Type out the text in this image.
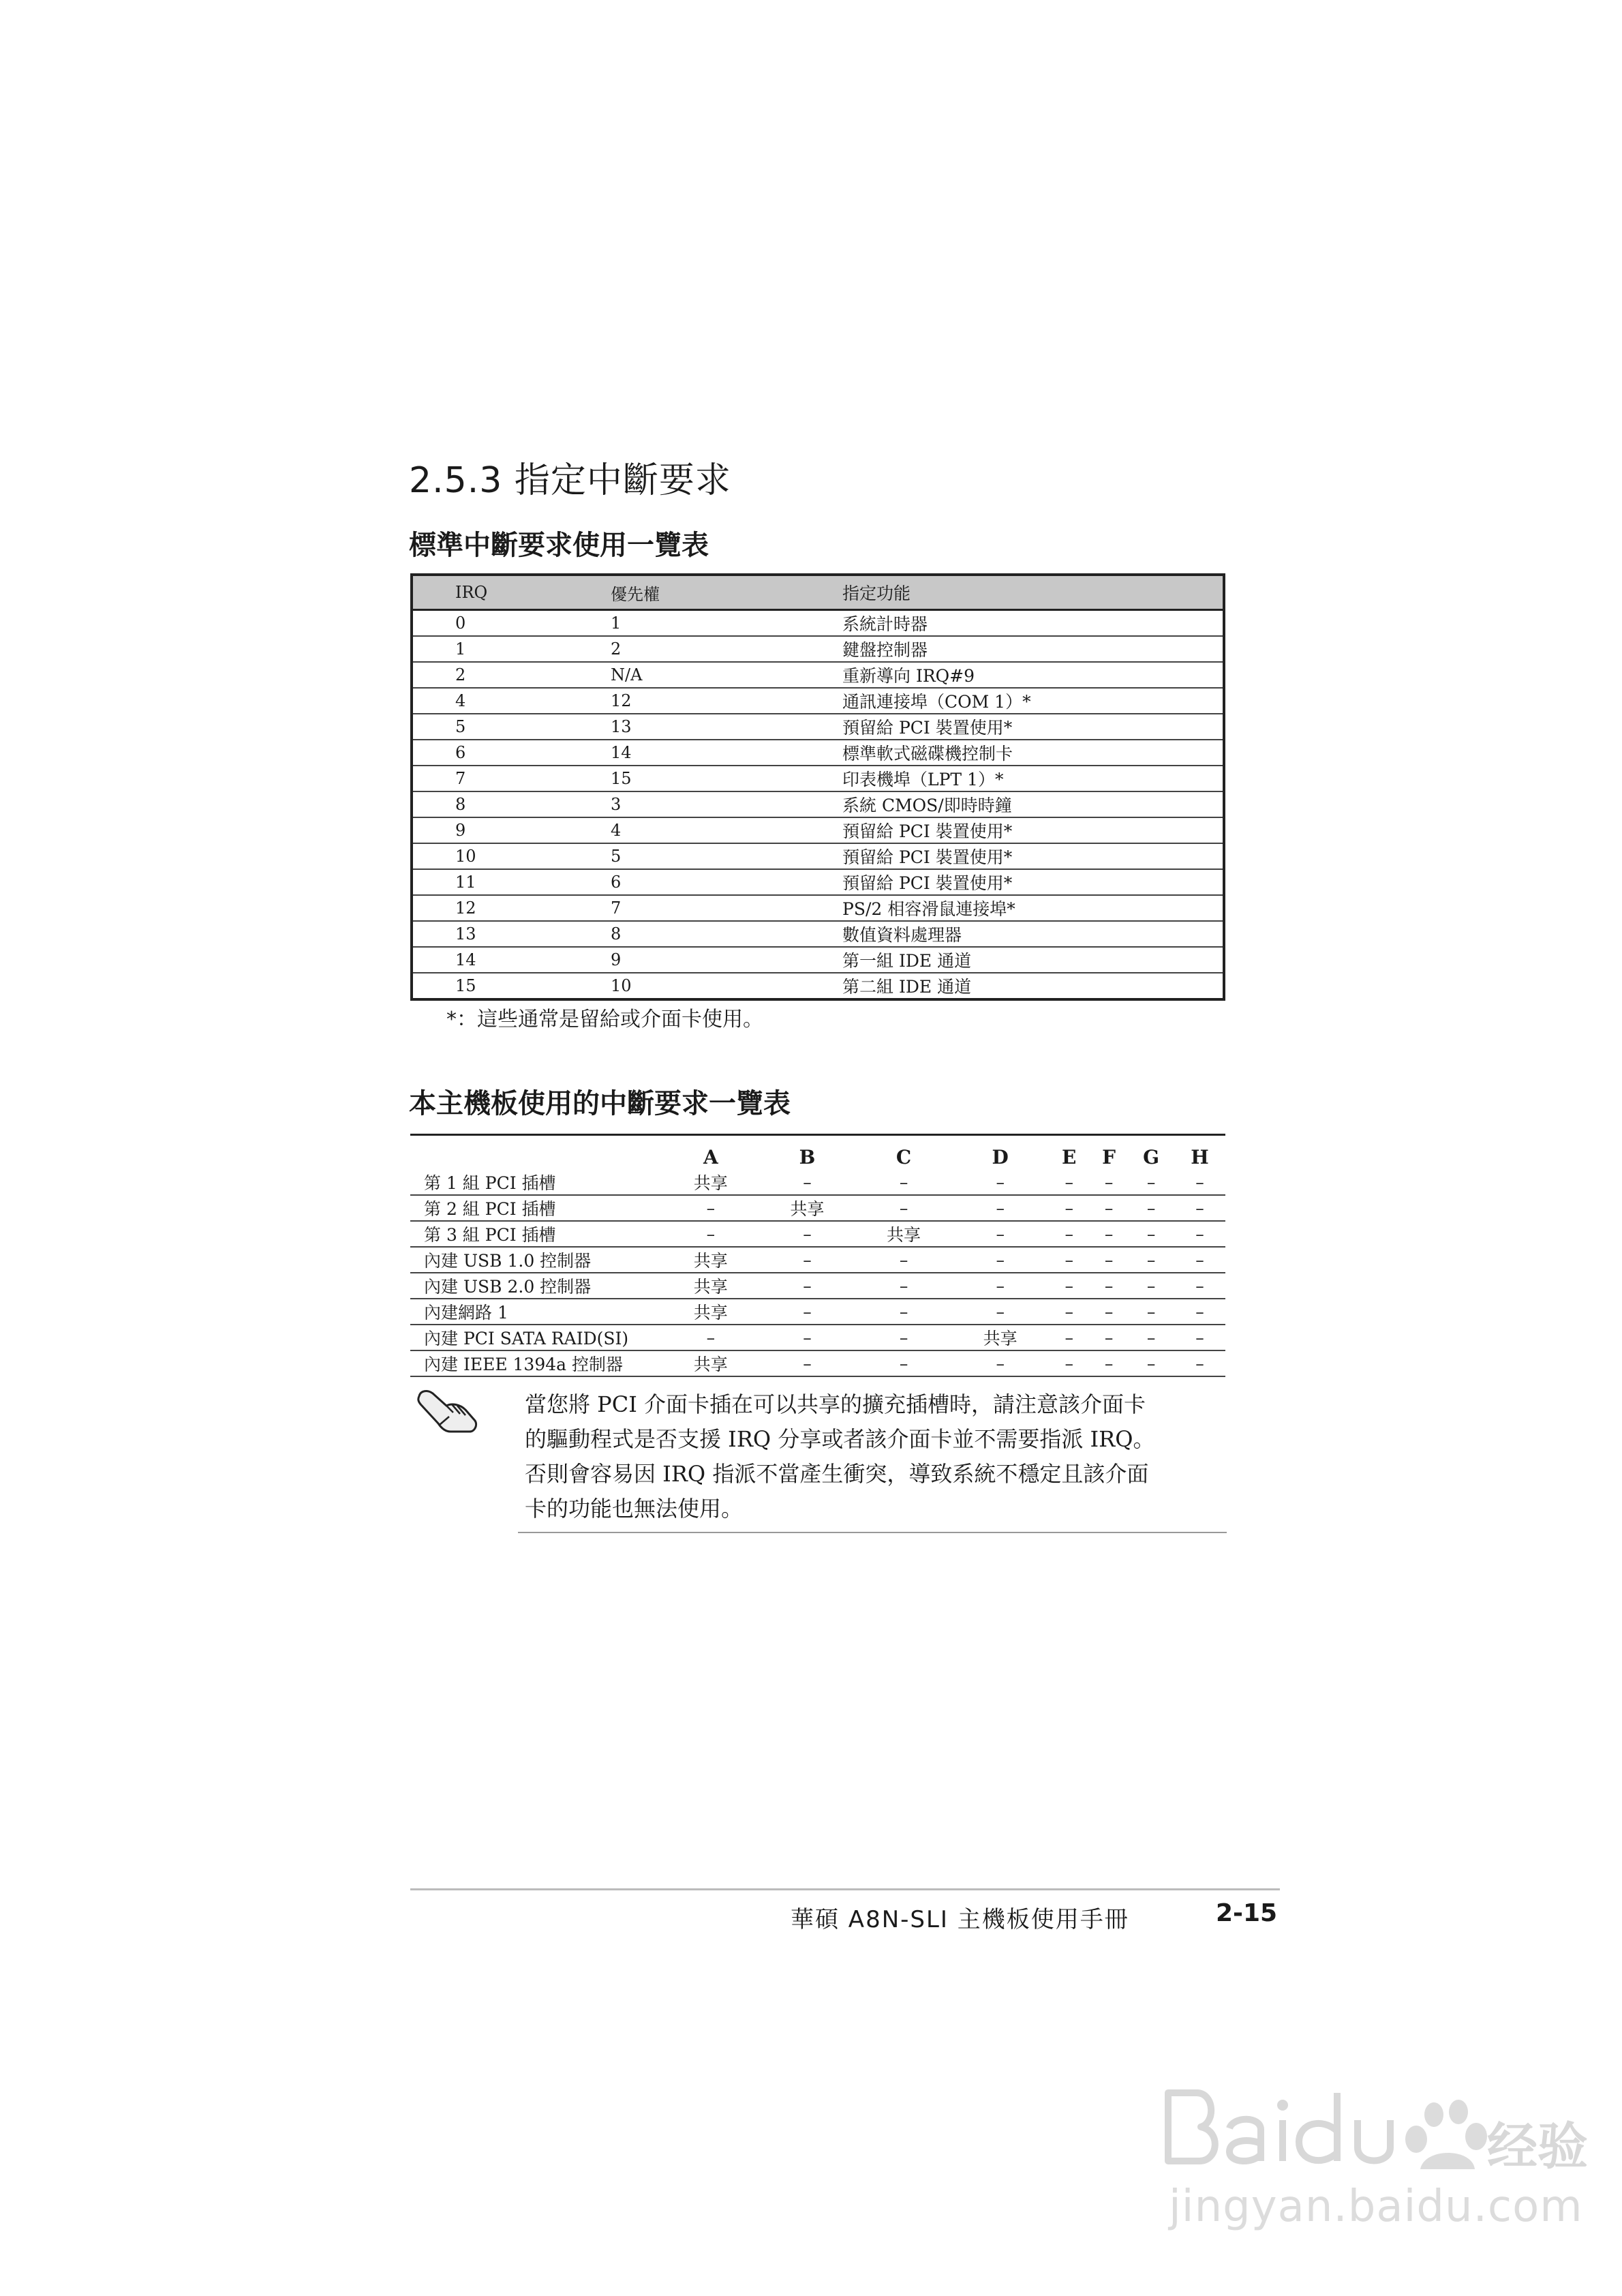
2.5.3 指定中斷要求
標準中斷要求使用一覽表
IRQ	優先權	指定功能
0	1	系統計時器
1	2	鍵盤控制器
2	N/A	重新導向 IRQ#9
4	12	通訊連接埠（COM 1）*
5	13	預留給 PCI 裝置使用*
6	14	標準軟式磁碟機控制卡
7	15	印表機埠（LPT 1）*
8	3	系統 CMOS/即時時鐘
9	4	預留給 PCI 裝置使用*
10	5	預留給 PCI 裝置使用*
11	6	預留給 PCI 裝置使用*
12	7	PS/2 相容滑鼠連接埠*
13	8	數值資料處理器
14	9	第一組 IDE 通道
15	10	第二組 IDE 通道
*：這些通常是留給或介面卡使用。
本主機板使用的中斷要求一覽表
	A	B	C	D	E	F	G	H
第 1 組 PCI 插槽	共享	–	–	–	–	–	–	–
第 2 組 PCI 插槽	–	共享	–	–	–	–	–	–
第 3 組 PCI 插槽	–	–	共享	–	–	–	–	–
內建 USB 1.0 控制器	共享	–	–	–	–	–	–	–
內建 USB 2.0 控制器	共享	–	–	–	–	–	–	–
內建網路 1	共享	–	–	–	–	–	–	–
內建 PCI SATA RAID(SI)	–	–	–	共享	–	–	–	–
內建 IEEE 1394a 控制器	共享	–	–	–	–	–	–	–
當您將 PCI 介面卡插在可以共享的擴充插槽時，請注意該介面卡
的驅動程式是否支援 IRQ 分享或者該介面卡並不需要指派 IRQ。
否則會容易因 IRQ 指派不當產生衝突，導致系統不穩定且該介面
卡的功能也無法使用。
華碩 A8N-SLI 主機板使用手冊	2-15
经验
jingyan.baidu.com
